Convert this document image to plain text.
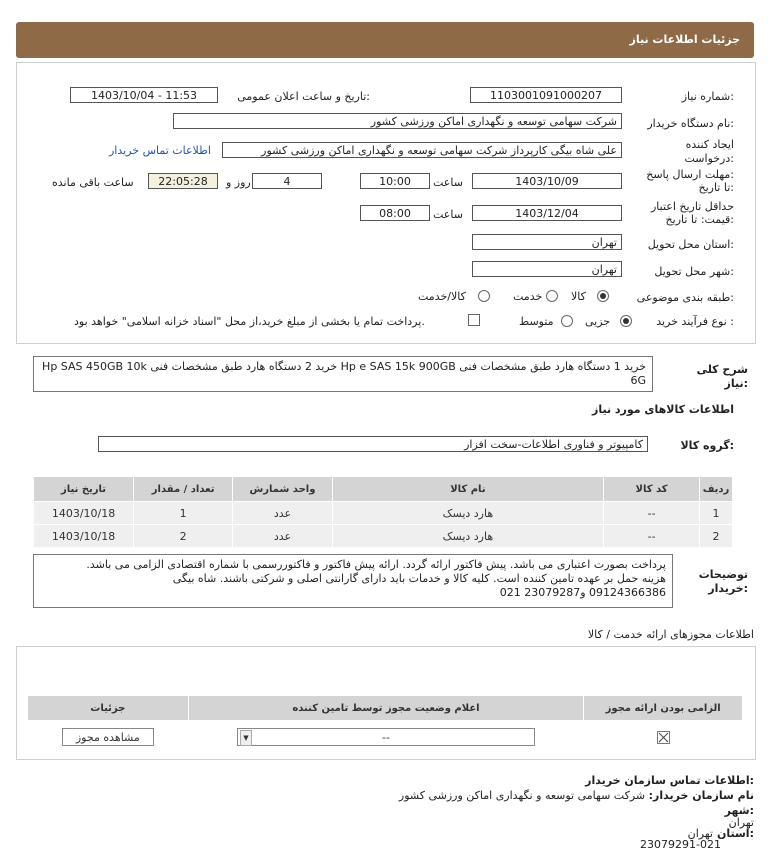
جزئیات اطلاعات نیاز
شماره نیاز:
1103001091000207
تاریخ و ساعت اعلان عمومی:
1403/10/04 - 11:53
نام دستگاه خریدار:
شرکت سهامی توسعه و نگهداری اماکن ورزشی کشور
ایجاد کننده
درخواست:
علی شاه بیگی کارپرداز شرکت سهامی توسعه و نگهداری اماکن ورزشی کشور
اطلاعات تماس خریدار
مهلت ارسال پاسخ:
تا تاریخ:
1403/10/09
ساعت
10:00
4
روز و
22:05:28
ساعت باقی مانده
حداقل تاریخ اعتبار
قیمت: تا تاریخ:
1403/12/04
ساعت
08:00
استان محل تحویل:
تهران
شهر محل تحویل:
تهران
طبقه بندی موضوعی:
کالا
خدمت
کالا/خدمت
نوع فرآیند خرید :
جزیی
متوسط
پرداخت تمام یا بخشی از مبلغ خرید،از محل "اسناد خزانه اسلامی" خواهد بود.
شرح کلی
نیاز:
خرید 1 دستگاه هارد طبق مشخصات فنی Hp e SAS 15k 900GB خرید 2 دستگاه هارد طبق مشخصات فنی Hp SAS 450GB 10k 6G
اطلاعات کالاهای مورد نیاز
گروه کالا:
کامپیوتر و فناوری اطلاعات-سخت افزار
تاریخ نیاز	تعداد / مقدار	واحد شمارش	نام کالا	کد کالا	ردیف
1403/10/18	1	عدد	هارد دیسک	--	1
1403/10/18	2	عدد	هارد دیسک	--	2
توضیحات
خریدار:
پرداخت بصورت اعتباری می باشد. پیش فاکتور ارائه گردد. ارائه پیش فاکتور و فاکتوررسمی با شماره اقتصادی الزامی می باشد.
هزینه حمل بر عهده تامین کننده است. کلیه کالا و خدمات باید دارای گارانتی اصلی و شرکتی باشند. شاه بیگی
09124366386 و23079287 021
اطلاعات مجوزهای ارائه خدمت / کالا
جزئیات	اعلام وضعیت مجوز توسط تامین کننده	الزامی بودن ارائه مجوز

مشاهده مجوز	--
▼

اطلاعات تماس سازمان خریدار:
نام سازمان خریدار: شرکت سهامی توسعه و نگهداری اماکن ورزشی کشور
شهر:
تهران
استان:
تهران
23079291-021
